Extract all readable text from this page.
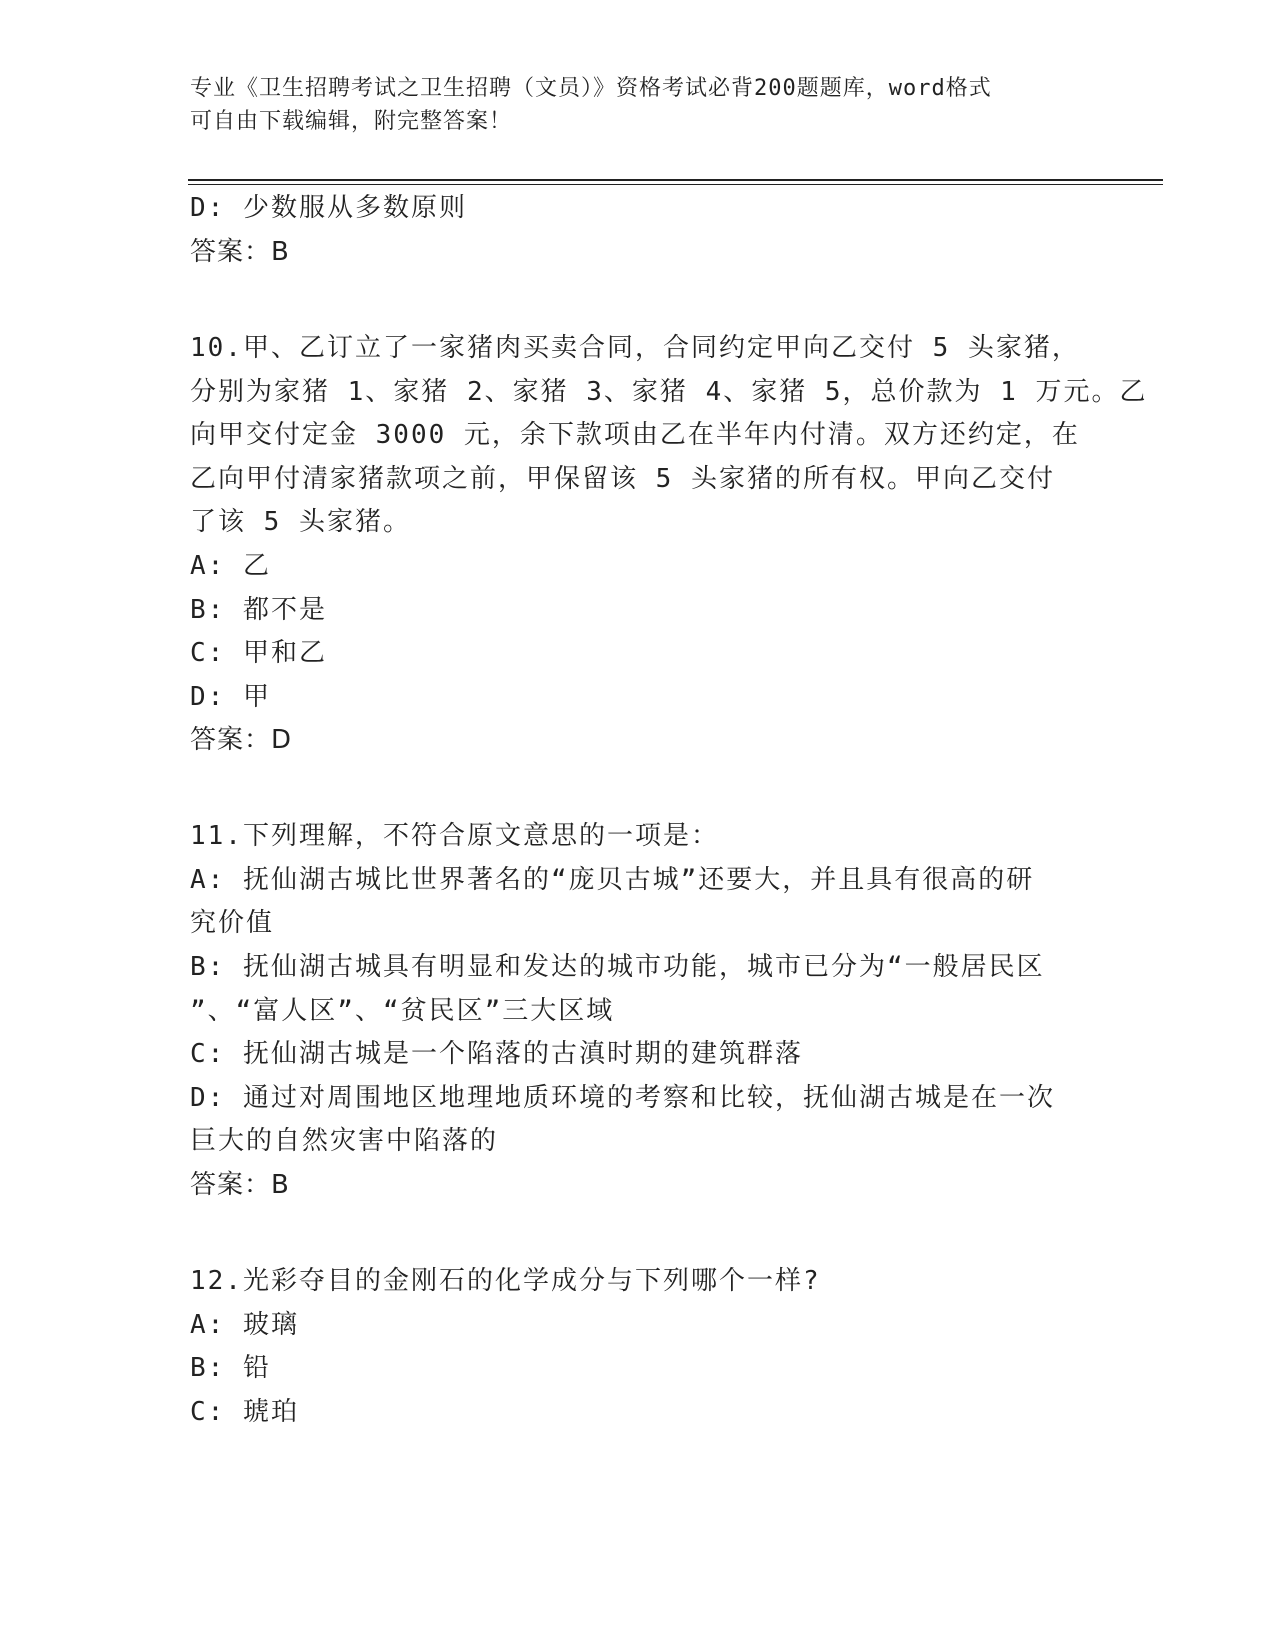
专业《卫生招聘考试之卫生招聘（文员）》资格考试必背200题题库，word格式
可自由下载编辑，附完整答案！
D: 少数服从多数原则
答案：B
10.甲、乙订立了一家猪肉买卖合同，合同约定甲向乙交付 5 头家猪，
分别为家猪 1、家猪 2、家猪 3、家猪 4、家猪 5，总价款为 1 万元。乙
向甲交付定金 3000 元，余下款项由乙在半年内付清。双方还约定，在
乙向甲付清家猪款项之前，甲保留该 5 头家猪的所有权。甲向乙交付
了该 5 头家猪。
A: 乙
B: 都不是
C: 甲和乙
D: 甲
答案：D
11.下列理解，不符合原文意思的一项是：
A: 抚仙湖古城比世界著名的“庞贝古城”还要大，并且具有很高的研
究价值
B: 抚仙湖古城具有明显和发达的城市功能，城市已分为“一般居民区
”、“富人区”、“贫民区”三大区域
C: 抚仙湖古城是一个陷落的古滇时期的建筑群落
D: 通过对周围地区地理地质环境的考察和比较，抚仙湖古城是在一次
巨大的自然灾害中陷落的
答案：B
12.光彩夺目的金刚石的化学成分与下列哪个一样?
A: 玻璃
B: 铅
C: 琥珀
